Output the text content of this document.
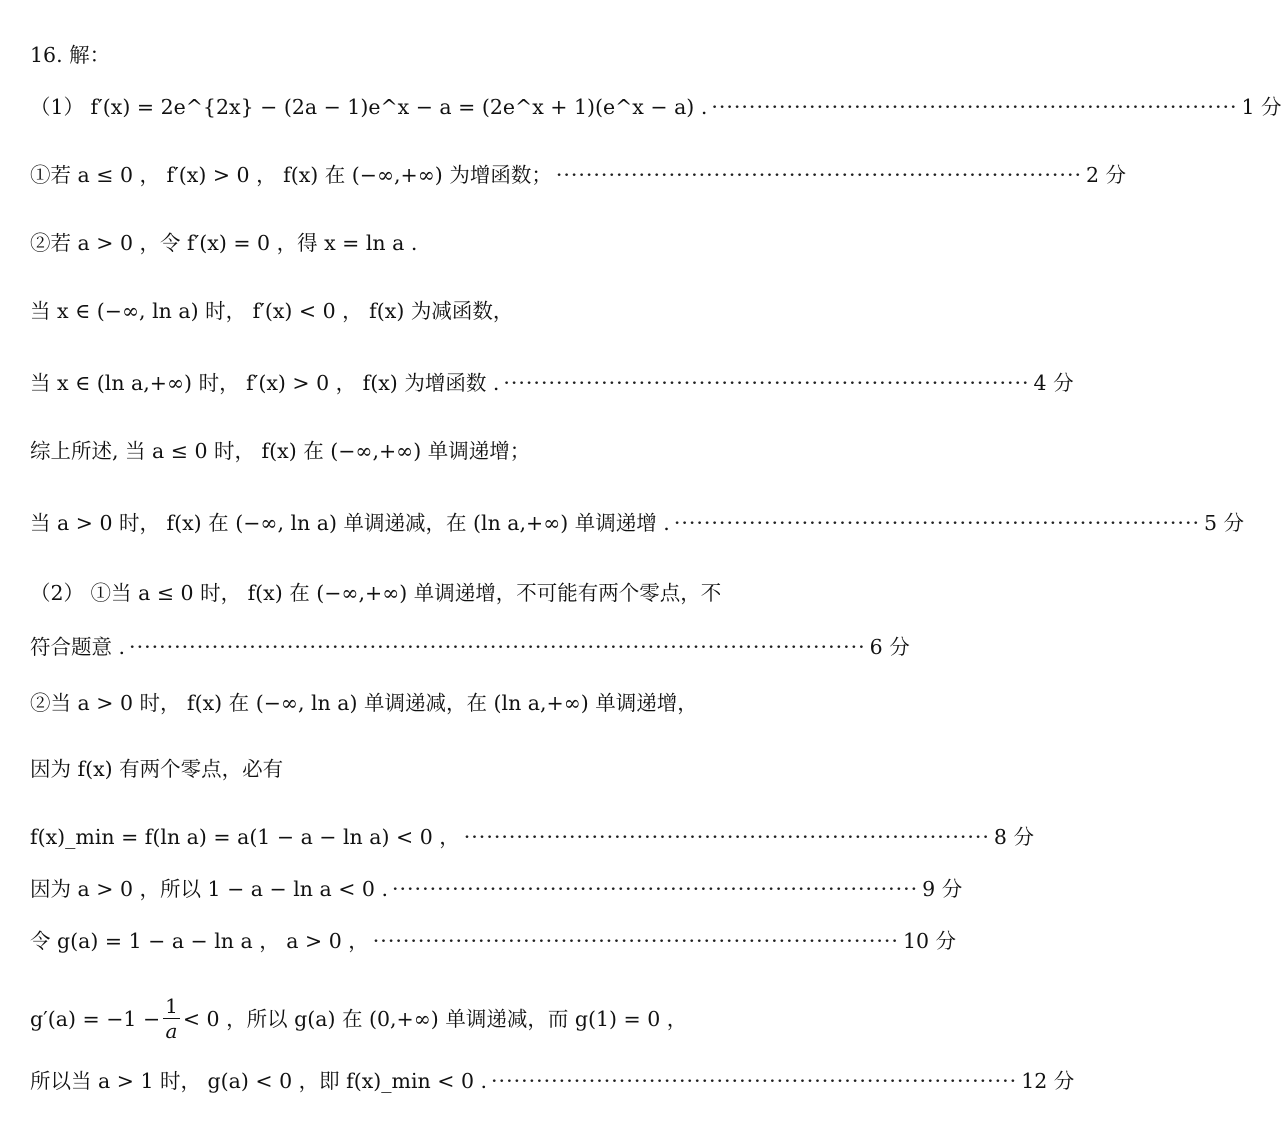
16. 解：
（1） f′(x) = 2e^{2x} − (2a − 1)e^x − a = (2e^x + 1)(e^x − a) . ······································································ 1 分
①若 a ≤ 0 ， f′(x) > 0 ， f(x) 在 (−∞,+∞) 为增函数； ······································································ 2 分
②若 a > 0 ，令 f′(x) = 0 ，得 x = ln a .
当 x ∈ (−∞, ln a) 时， f′(x) < 0 ， f(x) 为减函数，
当 x ∈ (ln a,+∞) 时， f′(x) > 0 ， f(x) 为增函数 . ······································································ 4 分
综上所述, 当 a ≤ 0 时， f(x) 在 (−∞,+∞) 单调递增；
当 a > 0 时， f(x) 在 (−∞, ln a) 单调递减，在 (ln a,+∞) 单调递增 . ······································································ 5 分
（2） ①当 a ≤ 0 时， f(x) 在 (−∞,+∞) 单调递增，不可能有两个零点，不
符合题意 . ·································································································· 6 分
②当 a > 0 时， f(x) 在 (−∞, ln a) 单调递减，在 (ln a,+∞) 单调递增，
因为 f(x) 有两个零点，必有
f(x)_min = f(ln a) = a(1 − a − ln a) < 0 ， ······································································ 8 分
因为 a > 0 ，所以 1 − a − ln a < 0 . ······································································ 9 分
令 g(a) = 1 − a − ln a ， a > 0 ， ······································································ 10 分
$g'(a) = -1 - \frac{1}{a} < 0$ ，所以 g(a) 在 (0,+∞) 单调递减，而 g(1) = 0 ，
所以当 a > 1 时， g(a) < 0 ，即 f(x)_min < 0 . ······································································ 12 分
